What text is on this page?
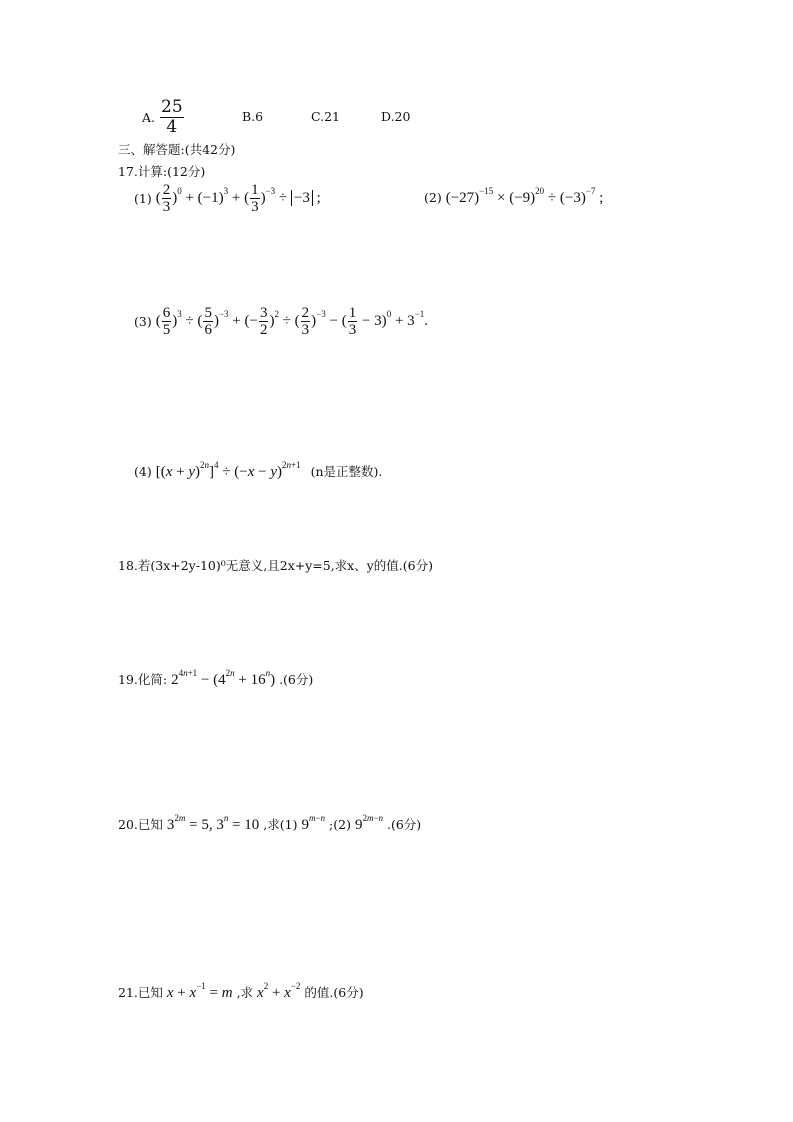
A. $\frac{25}{4}$	B.6	C.21	D.20
三、解答题:(共42分)
17.计算:(12分)
(1) ( $\frac{2}{3} )^0 + (-1)^3$ + ( $\frac{1}{3} )^{-3} \div -3$ ;	(2) $(-27)^{-15} \times (-9)^{20} \div (-3)^{-7}$ ;
(3) ( $\frac{6}{5} )^3$ ÷ ( $\frac{5}{6} )^{-3}$ + (− $\frac{3}{2} )^2$ ÷ ( $\frac{2}{3} )^{-3}$ − ( $\frac{1}{3} - 3)^0 + 3^{-1}$.
(4) $[(x + y)^{2n}]^4 \div (-x - y)^{2n+1}$ (n是正整数).
18.若(3x+2y-10)⁰无意义,且2x+y=5,求x、y的值.(6分)
19.化简: $2^{4n+1} - (4^{2n} + 16^n)$ .(6分)
20.已知 $3^{2m} = 5$, $3^n = 10$ ,求(1) $9^{m-n}$ ;(2) $9^{2m-n}$ .(6分)
21.已知 $x + x^{-1} = m$ ,求 $x^2 + x^{-2}$ 的值.(6分)
